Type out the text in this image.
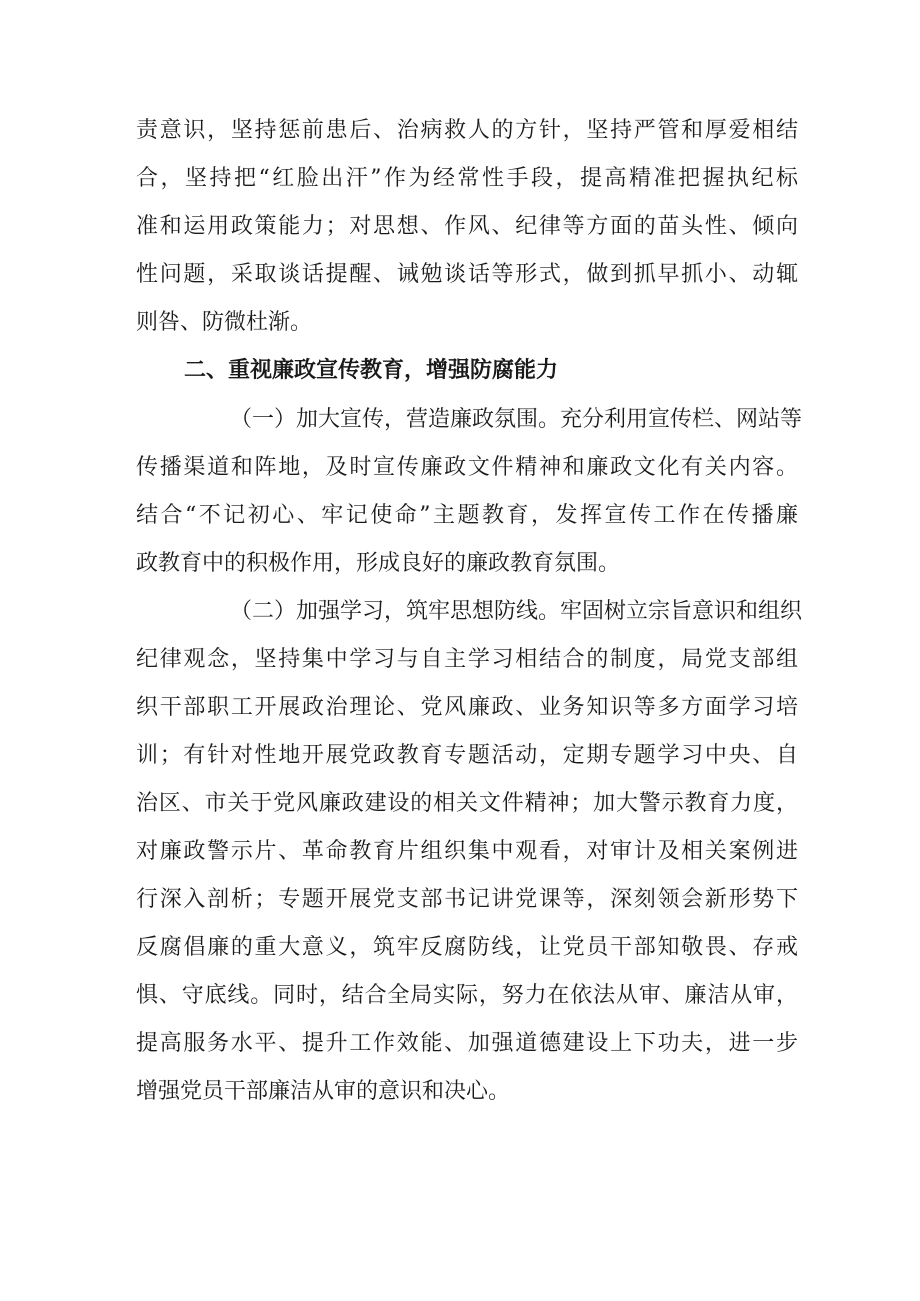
责意识，坚持惩前患后、治病救人的方针，坚持严管和厚爱相结
合，坚持把“红脸出汗”作为经常性手段，提高精准把握执纪标
准和运用政策能力；对思想、作风、纪律等方面的苗头性、倾向
性问题，采取谈话提醒、诫勉谈话等形式，做到抓早抓小、动辄
则咎、防微杜渐。
二、重视廉政宣传教育，增强防腐能力
（一）加大宣传，营造廉政氛围。充分利用宣传栏、网站等
传播渠道和阵地，及时宣传廉政文件精神和廉政文化有关内容。
结合“不记初心、牢记使命”主题教育，发挥宣传工作在传播廉
政教育中的积极作用，形成良好的廉政教育氛围。
（二）加强学习，筑牢思想防线。牢固树立宗旨意识和组织
纪律观念，坚持集中学习与自主学习相结合的制度，局党支部组
织干部职工开展政治理论、党风廉政、业务知识等多方面学习培
训；有针对性地开展党政教育专题活动，定期专题学习中央、自
治区、市关于党风廉政建设的相关文件精神；加大警示教育力度，
对廉政警示片、革命教育片组织集中观看，对审计及相关案例进
行深入剖析；专题开展党支部书记讲党课等，深刻领会新形势下
反腐倡廉的重大意义，筑牢反腐防线，让党员干部知敬畏、存戒
惧、守底线。同时，结合全局实际，努力在依法从审、廉洁从审，
提高服务水平、提升工作效能、加强道德建设上下功夫，进一步
增强党员干部廉洁从审的意识和决心。
